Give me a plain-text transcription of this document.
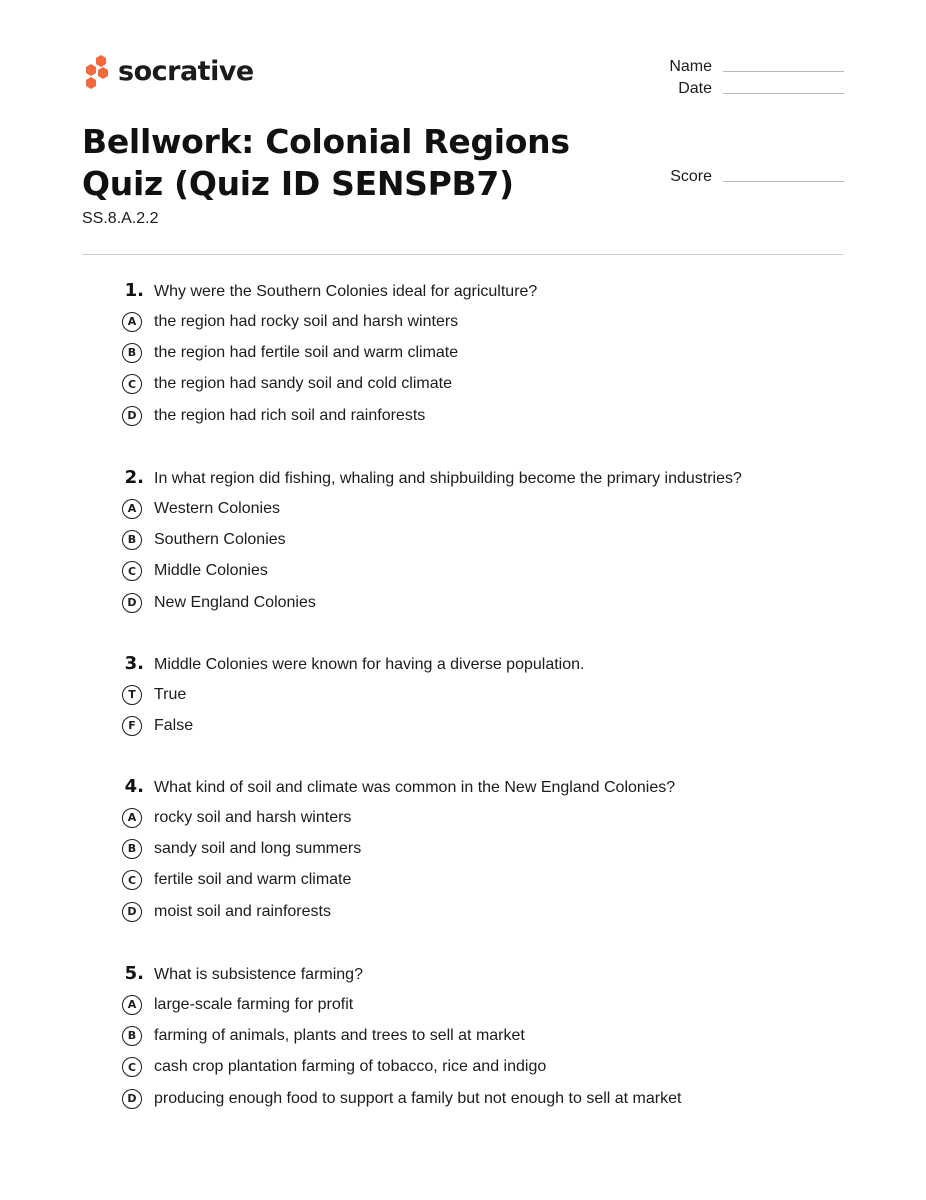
socrative	Name
Date
Score
Bellwork: Colonial Regions Quiz (Quiz ID SENSPB7)
SS.8.A.2.2
1. Why were the Southern Colonies ideal for agriculture?
A	the region had rocky soil and harsh winters
B	the region had fertile soil and warm climate
C	the region had sandy soil and cold climate
D	the region had rich soil and rainforests
2. In what region did fishing, whaling and shipbuilding become the primary industries?
A	Western Colonies
B	Southern Colonies
C	Middle Colonies
D	New England Colonies
3. Middle Colonies were known for having a diverse population.
T	True
F	False
4. What kind of soil and climate was common in the New England Colonies?
A	rocky soil and harsh winters
B	sandy soil and long summers
C	fertile soil and warm climate
D	moist soil and rainforests
5. What is subsistence farming?
A	large-scale farming for profit
B	farming of animals, plants and trees to sell at market
C	cash crop plantation farming of tobacco, rice and indigo
D	producing enough food to support a family but not enough to sell at market
